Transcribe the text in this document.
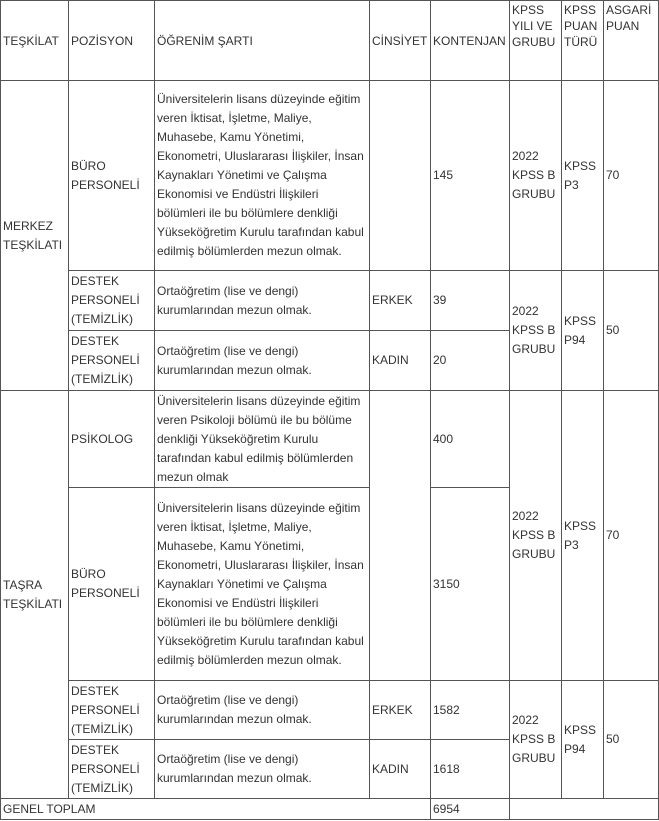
TEŞKİLAT	POZİSYON	ÖĞRENİM ŞARTI	CİNSİYET	KONTENJAN	KPSS YILI VE GRUBU	KPSS PUAN TÜRÜ	ASGARİ PUAN
MERKEZ TEŞKİLATI	BÜRO PERSONELİ	Üniversitelerin lisans düzeyinde eğitim veren İktisat, İşletme, Maliye, Muhasebe, Kamu Yönetimi, Ekonometri, Uluslararası İlişkiler, İnsan Kaynakları Yönetimi ve Çalışma Ekonomisi ve Endüstri İlişkileri bölümleri ile bu bölümlere denkliği Yükseköğretim Kurulu tarafından kabul edilmiş bölümlerden mezun olmak.		145	2022 KPSS B GRUBU	KPSS P3	70
	DESTEK PERSONELİ (TEMİZLİK)	Ortaöğretim (lise ve dengi) kurumlarından mezun olmak.	ERKEK	39	2022 KPSS B GRUBU	KPSS P94	50
	DESTEK PERSONELİ (TEMİZLİK)	Ortaöğretim (lise ve dengi) kurumlarından mezun olmak.	KADIN	20			
TAŞRA TEŞKİLATI	PSİKOLOG	Üniversitelerin lisans düzeyinde eğitim veren Psikoloji bölümü ile bu bölüme denkliği Yükseköğretim Kurulu tarafından kabul edilmiş bölümlerden mezun olmak		400	2022 KPSS B GRUBU	KPSS P3	70
	BÜRO PERSONELİ	Üniversitelerin lisans düzeyinde eğitim veren İktisat, İşletme, Maliye, Muhasebe, Kamu Yönetimi, Ekonometri, Uluslararası İlişkiler, İnsan Kaynakları Yönetimi ve Çalışma Ekonomisi ve Endüstri İlişkileri bölümleri ile bu bölümlere denkliği Yükseköğretim Kurulu tarafından kabul edilmiş bölümlerden mezun olmak.		3150			
	DESTEK PERSONELİ (TEMİZLİK)	Ortaöğretim (lise ve dengi) kurumlarından mezun olmak.	ERKEK	1582	2022 KPSS B GRUBU	KPSS P94	50
	DESTEK PERSONELİ (TEMİZLİK)	Ortaöğretim (lise ve dengi) kurumlarından mezun olmak.	KADIN	1618			
GENEL TOPLAM				6954			
